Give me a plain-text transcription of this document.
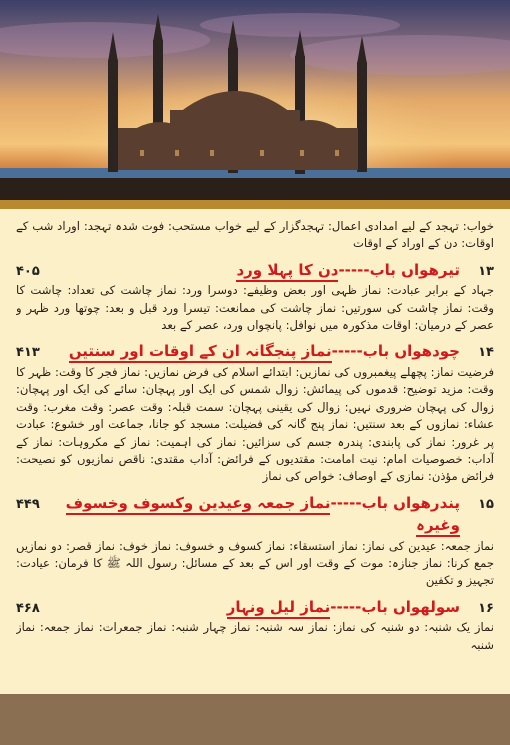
خواب: تہجد کے لیے امدادی اعمال: تہجدگزار کے لیے خواب مستحب: فوت شدہ تہجد: اوراد شب کے اوقات: دن کے اوراد کے اوقات

۱۳
تیرھواں باب-----دن کا پہلا ورد
۴۰۵

جہاد کے برابر عبادت: نماز ظہی اور بعض وظیفے: دوسرا ورد: نماز چاشت کی تعداد: چاشت کا وقت: نماز چاشت کی سورتیں: نماز چاشت کی ممانعت: تیسرا ورد قبل و بعد: چوتھا ورد ظہر و عصر کے درمیان: اوقات مذکورہ میں نوافل: پانچواں ورد، عصر کے بعد

۱۴
چودھواں باب-----نماز پنجگانہ ان کے اوقات اور سنتیں
۴۱۳

فرضیت نماز: پچھلے پیغمبروں کی نمازیں: ابتدائے اسلام کی فرض نمازیں: نماز فجر کا وقت: ظہر کا وقت: مزید توضیح: قدموں کی پیمائش: زوال شمس کی ایک اور پہچان: سائے کی ایک اور پہچان: زوال کی پہچان ضروری نہیں: زوال کی یقینی پہچان: سمت قبلہ: وقت عصر: وقت مغرب: وقت عشاء: نمازوں کے بعد سنتیں: نماز پنج گانہ کی فضیلت: مسجد کو جانا، جماعت اور خشوع: عبادت پر غرور: نماز کی پابندی: پندرہ جسم کی سزائیں: نماز کی اہمیت: نماز کے مکروہات: نماز کے آداب: خصوصیات امام: نیت امامت: مقتدیوں کے فرائض: آداب مقتدی: ناقص نمازیوں کو نصیحت: فرائض مؤذن: نمازی کے اوصاف: خواص کی نماز

۱۵
پندرھواں باب-----نماز جمعہ وعیدین وکسوف وخسوف وغیرہ
۴۴۹

نماز جمعہ: عیدین کی نماز: نماز استسقاء: نماز کسوف و خسوف: نماز خوف: نماز قصر: دو نمازیں جمع کرنا: نماز جنازہ: موت کے وقت اور اس کے بعد کے مسائل: رسول اللہ ﷺ کا فرمان: عیادت: تجہیز و تکفین

۱۶
سولھواں باب-----نماز لیل ونہار
۴۶۸

نماز یک شنبہ: دو شنبہ کی نماز: نماز سہ شنبہ: نماز چہار شنبہ: نماز جمعرات: نماز جمعہ: نماز شنبہ
